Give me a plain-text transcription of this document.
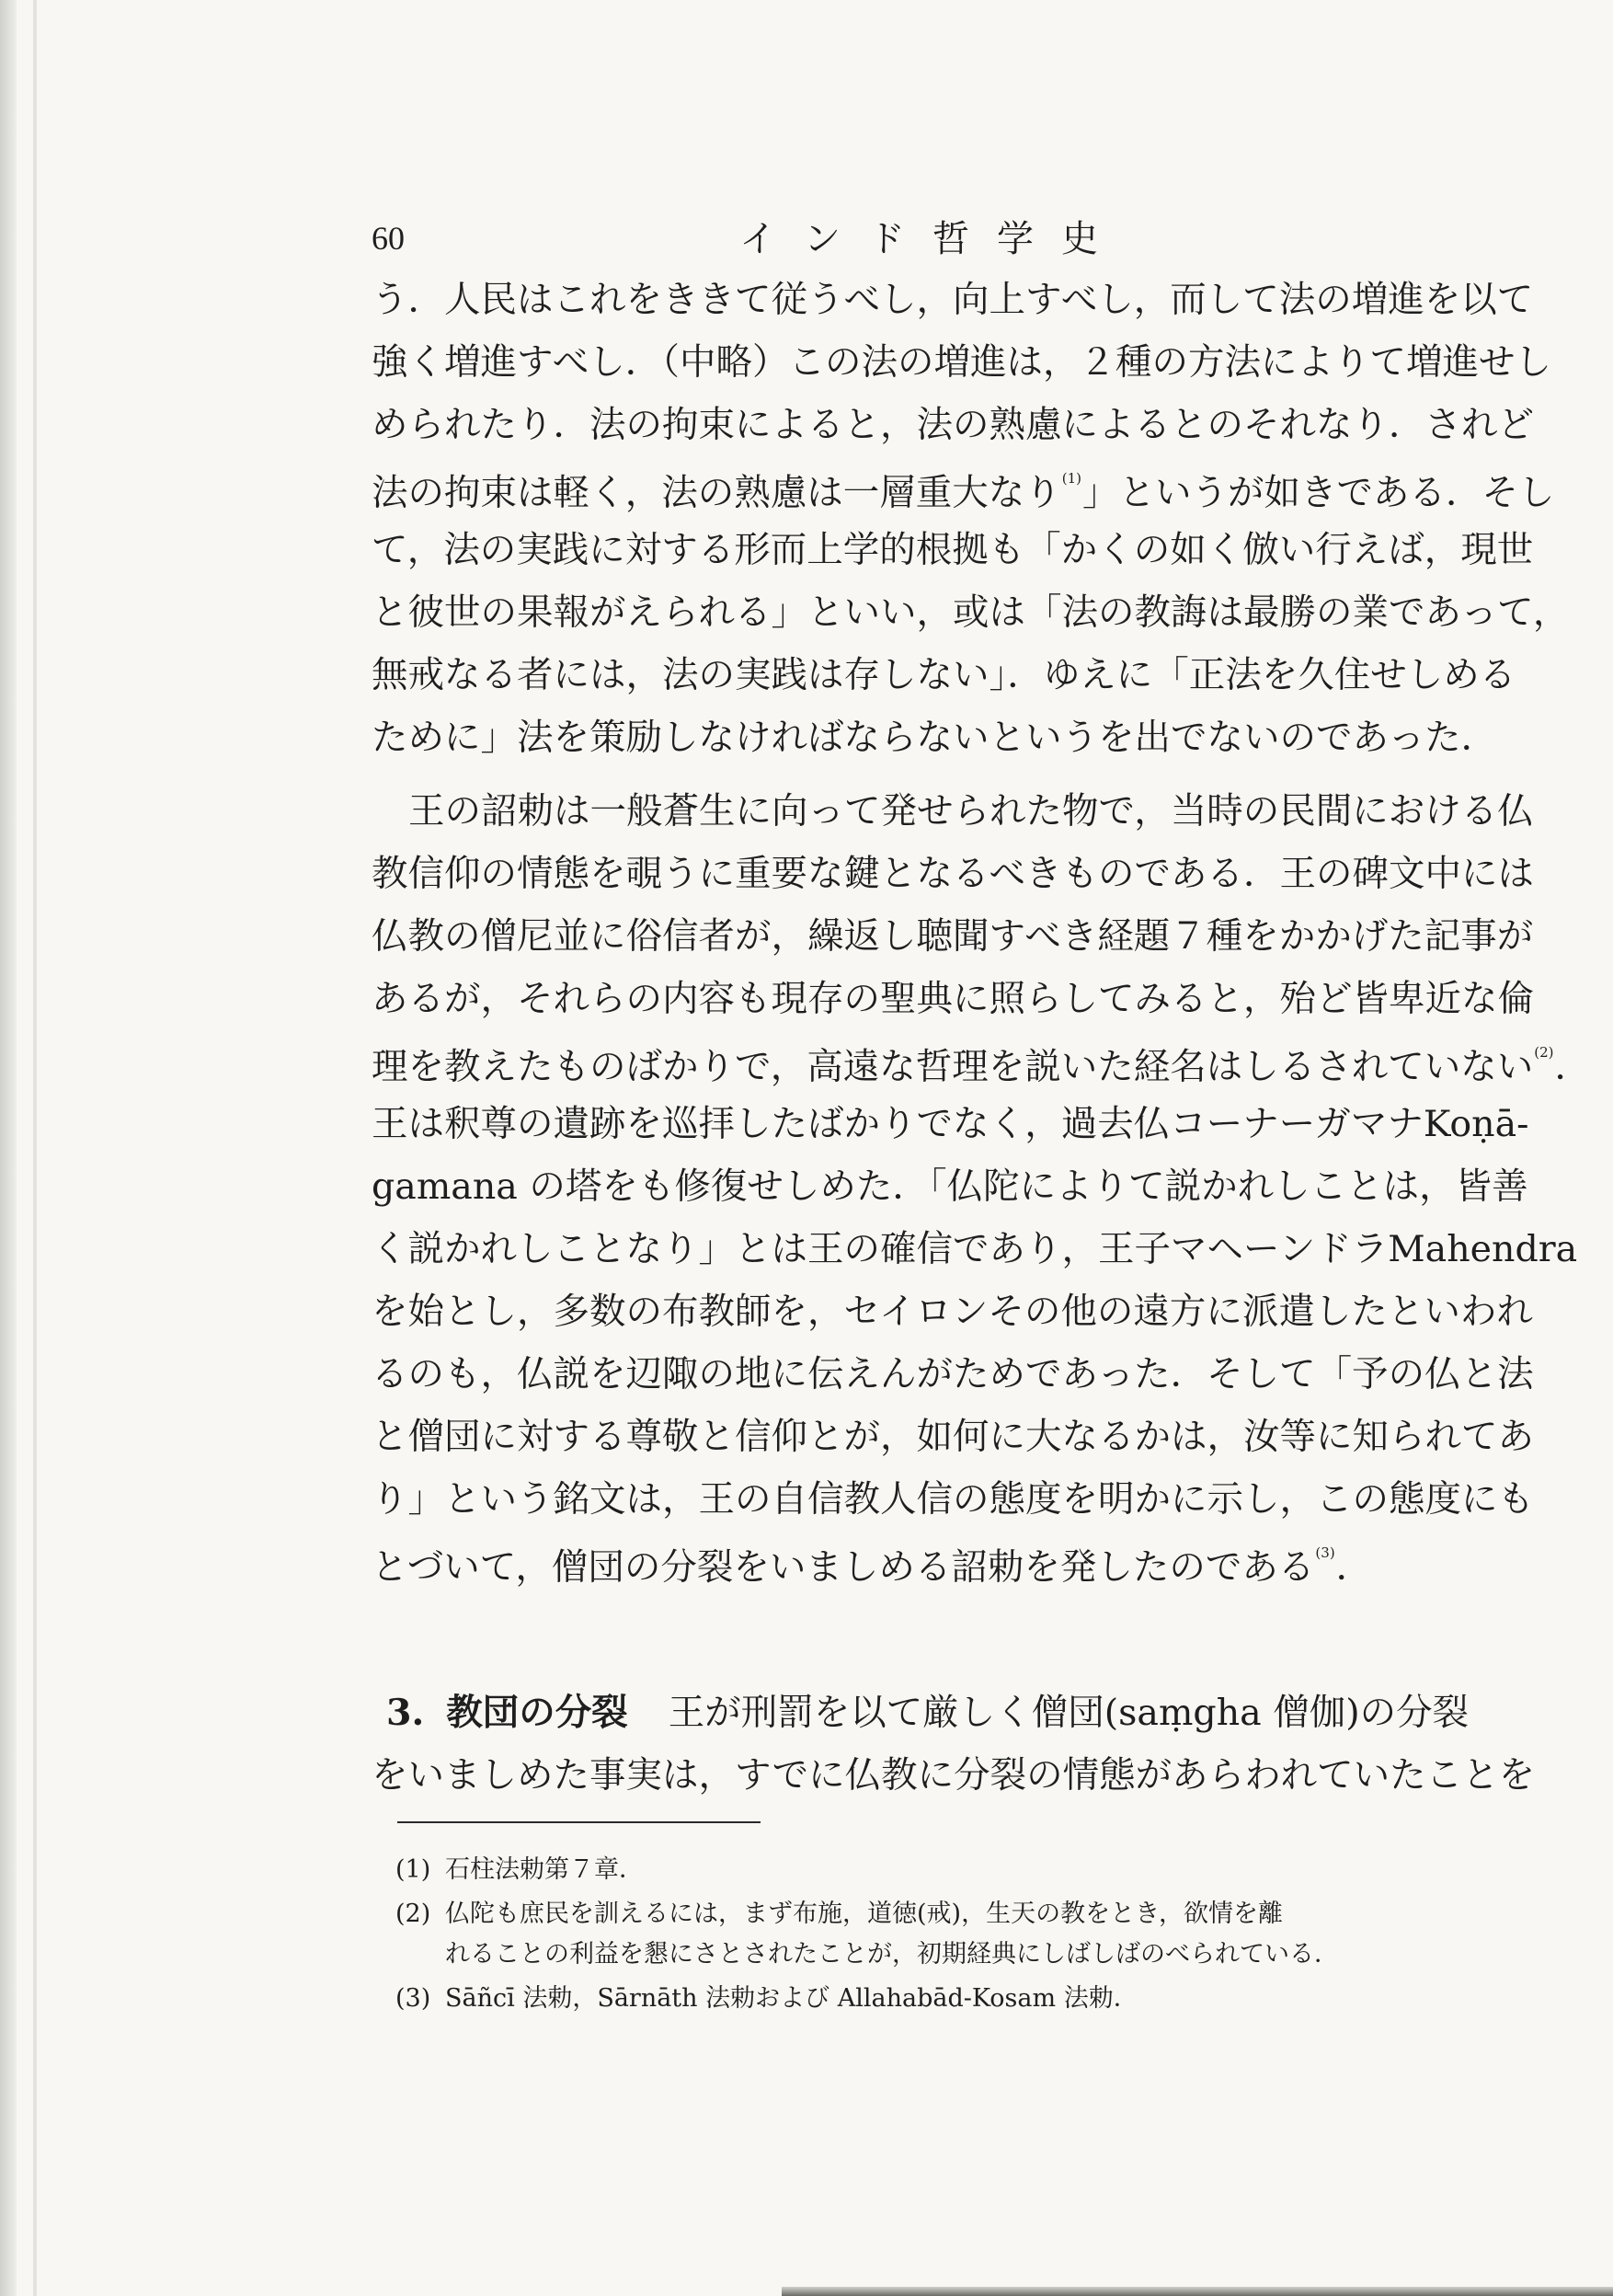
60	インド哲学史
う．人民はこれをききて従うべし，向上すべし，而して法の増進を以て
強く増進すべし．（中略）この法の増進は，２種の方法によりて増進せし
められたり．法の拘束によると，法の熟慮によるとのそれなり．されど
法の拘束は軽く，法の熟慮は一層重大なり$^{(1)}$」というが如きである．そし
て，法の実践に対する形而上学的根拠も「かくの如く倣い行えば，現世
と彼世の果報がえられる」といい，或は「法の教誨は最勝の業であって，
無戒なる者には，法の実践は存しない」．ゆえに「正法を久住せしめる
ために」法を策励しなければならないというを出でないのであった．
王の詔勅は一般蒼生に向って発せられた物で，当時の民間における仏
教信仰の情態を覗うに重要な鍵となるべきものである．王の碑文中には
仏教の僧尼並に俗信者が，繰返し聴聞すべき経題７種をかかげた記事が
あるが，それらの内容も現存の聖典に照らしてみると，殆ど皆卑近な倫
理を教えたものばかりで，高遠な哲理を説いた経名はしるされていない$^{(2)}$．
王は釈尊の遺跡を巡拝したばかりでなく，過去仏コーナーガマナKoṇā-
gamana の塔をも修復せしめた．「仏陀によりて説かれしことは，皆善
く説かれしことなり」とは王の確信であり，王子マヘーンドラMahendra
を始とし，多数の布教師を，セイロンその他の遠方に派遣したといわれ
るのも，仏説を辺陬の地に伝えんがためであった．そして「予の仏と法
と僧団に対する尊敬と信仰とが，如何に大なるかは，汝等に知られてあ
り」という銘文は，王の自信教人信の態度を明かに示し，この態度にも
とづいて，僧団の分裂をいましめる詔勅を発したのである$^{(3)}$．
3. 教団の分裂 王が刑罰を以て厳しく僧団(saṃgha 僧伽)の分裂
をいましめた事実は，すでに仏教に分裂の情態があらわれていたことを
(1) 石柱法勅第７章．
(2) 仏陀も庶民を訓えるには，まず布施，道徳(戒)，生天の教をとき，欲情を離
れることの利益を懇にさとされたことが，初期経典にしばしばのべられている．
(3) Sāñcī 法勅，Sārnāth 法勅および Allahabād-Kosam 法勅．
